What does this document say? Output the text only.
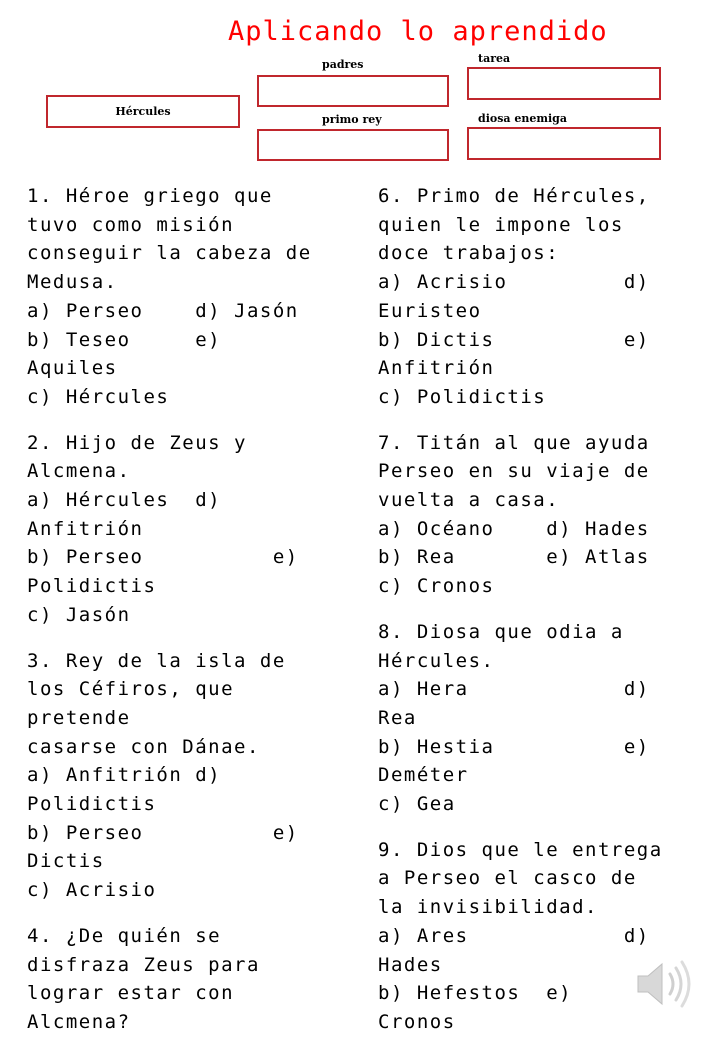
Aplicando lo aprendido
Hércules
padres
primo rey
tarea
diosa enemiga

1. Héroe griego que
tuvo como misión
conseguir la cabeza de
Medusa.
a) Perseo    d) Jasón
b) Teseo     e)
Aquiles
c) Hércules

2. Hijo de Zeus y
Alcmena.
a) Hércules  d)
Anfitrión
b) Perseo          e)
Polidictis
c) Jasón

3. Rey de la isla de
los Céfiros, que
pretende
casarse con Dánae.
a) Anfitrión d)
Polidictis
b) Perseo          e)
Dictis
c) Acrisio

4. ¿De quién se
disfraza Zeus para
lograr estar con
Alcmena?

6. Primo de Hércules,
quien le impone los
doce trabajos:
a) Acrisio         d)
Euristeo
b) Dictis          e)
Anfitrión
c) Polidictis

7. Titán al que ayuda
Perseo en su viaje de
vuelta a casa.
a) Océano    d) Hades
b) Rea       e) Atlas
c) Cronos

8. Diosa que odia a
Hércules.
a) Hera            d)
Rea
b) Hestia          e)
Deméter
c) Gea

9. Dios que le entrega
a Perseo el casco de
la invisibilidad.
a) Ares            d)
Hades
b) Hefestos  e)
Cronos
